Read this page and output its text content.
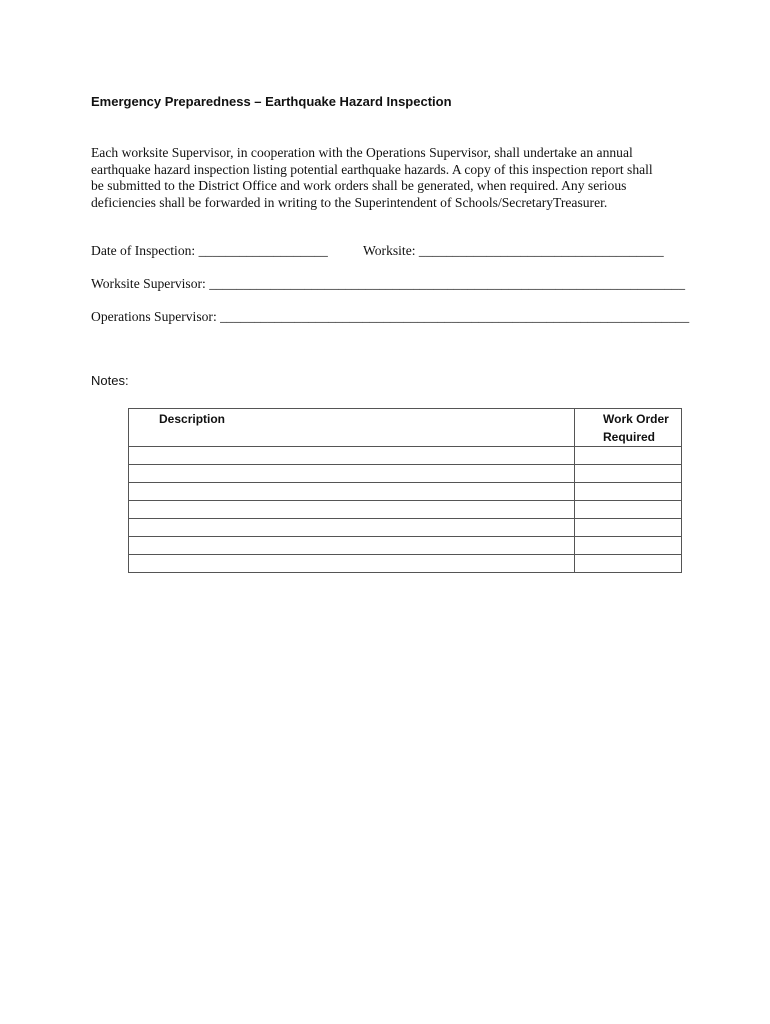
Emergency Preparedness – Earthquake Hazard Inspection
Each worksite Supervisor, in cooperation with the Operations Supervisor, shall undertake an annual
earthquake hazard inspection listing potential earthquake hazards. A copy of this inspection report shall
be submitted to the District Office and work orders shall be generated, when required. Any serious
deficiencies shall be forwarded in writing to the Superintendent of Schools/SecretaryTreasurer.
Date of Inspection: ___________________	Worksite: ____________________________________
Worksite Supervisor: ______________________________________________________________________
Operations Supervisor: _____________________________________________________________________
Notes:
Description	Work Order
Required
